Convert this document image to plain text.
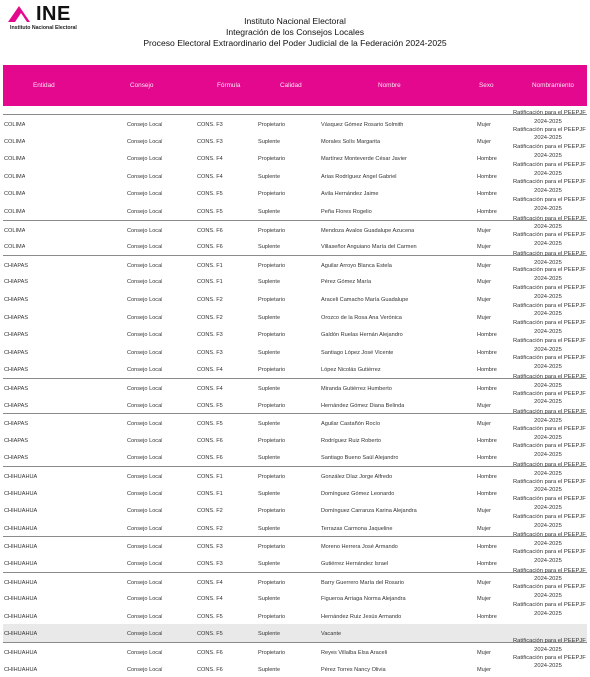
INE
Instituto Nacional Electoral
Instituto Nacional Electoral
Integración de los Consejos Locales
Proceso Electoral Extraordinario del Poder Judicial de la Federación 2024-2025
Entidad	Consejo	Fórmula	Calidad	Nombre	Sexo	Nombramiento
COLIMA	Consejo Local	CONS. F3	Propietario	Vásquez Gómez Rosario Solmith	Mujer
Ratificación para el PEEPJF
2024-2025
COLIMA	Consejo Local	CONS. F3	Suplente	Morales Solís Margarita	Mujer
Ratificación para el PEEPJF
2024-2025
COLIMA	Consejo Local	CONS. F4	Propietario	Martínez Monteverde César Javier	Hombre
Ratificación para el PEEPJF
2024-2025
COLIMA	Consejo Local	CONS. F4	Suplente	Arias Rodríguez Ángel Gabriel	Hombre
Ratificación para el PEEPJF
2024-2025
COLIMA	Consejo Local	CONS. F5	Propietario	Ávila Hernández Jaime	Hombre
Ratificación para el PEEPJF
2024-2025
COLIMA	Consejo Local	CONS. F5	Suplente	Peña Flores Rogelio	Hombre
Ratificación para el PEEPJF
2024-2025
COLIMA	Consejo Local	CONS. F6	Propietario	Mendoza Ávalos Guadalupe Azucena	Mujer
Ratificación para el PEEPJF
2024-2025
COLIMA	Consejo Local	CONS. F6	Suplente	Villaseñor Anguiano María del Carmen	Mujer
Ratificación para el PEEPJF
2024-2025
CHIAPAS	Consejo Local	CONS. F1	Propietario	Aguilar Arroyo Blanca Estela	Mujer
Ratificación para el PEEPJF
2024-2025
CHIAPAS	Consejo Local	CONS. F1	Suplente	Pérez Gómez María	Mujer
Ratificación para el PEEPJF
2024-2025
CHIAPAS	Consejo Local	CONS. F2	Propietario	Araceli Camacho María Guadalupe	Mujer
Ratificación para el PEEPJF
2024-2025
CHIAPAS	Consejo Local	CONS. F2	Suplente	Orozco de la Rosa Ana Verónica	Mujer
Ratificación para el PEEPJF
2024-2025
CHIAPAS	Consejo Local	CONS. F3	Propietario	Galdón Ruelas Hernán Alejandro	Hombre
Ratificación para el PEEPJF
2024-2025
CHIAPAS	Consejo Local	CONS. F3	Suplente	Santiago López José Vicente	Hombre
Ratificación para el PEEPJF
2024-2025
CHIAPAS	Consejo Local	CONS. F4	Propietario	López Nicolás Gutiérrez	Hombre
Ratificación para el PEEPJF
2024-2025
CHIAPAS	Consejo Local	CONS. F4	Suplente	Miranda Gutiérrez Humberto	Hombre
Ratificación para el PEEPJF
2024-2025
CHIAPAS	Consejo Local	CONS. F5	Propietario	Hernández Gómez Diana Belinda	Mujer
Ratificación para el PEEPJF
2024-2025
CHIAPAS	Consejo Local	CONS. F5	Suplente	Aguilar Castañón Rocío	Mujer
Ratificación para el PEEPJF
2024-2025
CHIAPAS	Consejo Local	CONS. F6	Propietario	Rodríguez Ruiz Roberto	Hombre
Ratificación para el PEEPJF
2024-2025
CHIAPAS	Consejo Local	CONS. F6	Suplente	Santiago Bueno Saúl Alejandro	Hombre
Ratificación para el PEEPJF
2024-2025
CHIHUAHUA	Consejo Local	CONS. F1	Propietario	González Díaz Jorge Alfredo	Hombre
Ratificación para el PEEPJF
2024-2025
CHIHUAHUA	Consejo Local	CONS. F1	Suplente	Domínguez Gómez Leonardo	Hombre
Ratificación para el PEEPJF
2024-2025
CHIHUAHUA	Consejo Local	CONS. F2	Propietario	Domínguez Carranza Karina Alejandra	Mujer
Ratificación para el PEEPJF
2024-2025
CHIHUAHUA	Consejo Local	CONS. F2	Suplente	Terrazas Carmona Jaqueline	Mujer
Ratificación para el PEEPJF
2024-2025
CHIHUAHUA	Consejo Local	CONS. F3	Propietario	Moreno Herrera José Armando	Hombre
Ratificación para el PEEPJF
2024-2025
CHIHUAHUA	Consejo Local	CONS. F3	Suplente	Gutiérrez Hernández Israel	Hombre
Ratificación para el PEEPJF
2024-2025
CHIHUAHUA	Consejo Local	CONS. F4	Propietario	Barry Guerrero María del Rosario	Mujer
Ratificación para el PEEPJF
2024-2025
CHIHUAHUA	Consejo Local	CONS. F4	Suplente	Figueroa Arriaga Norma Alejandra	Mujer
Ratificación para el PEEPJF
2024-2025
CHIHUAHUA	Consejo Local	CONS. F5	Propietario	Hernández Ruiz Jesús Armando	Hombre
Ratificación para el PEEPJF
2024-2025
CHIHUAHUA	Consejo Local	CONS. F5	Suplente	Vacante
CHIHUAHUA	Consejo Local	CONS. F6	Propietario	Reyes Villalba Elsa Araceli	Mujer
Ratificación para el PEEPJF
2024-2025
CHIHUAHUA	Consejo Local	CONS. F6	Suplente	Pérez Torres Nancy Olivia	Mujer
Ratificación para el PEEPJF
2024-2025
